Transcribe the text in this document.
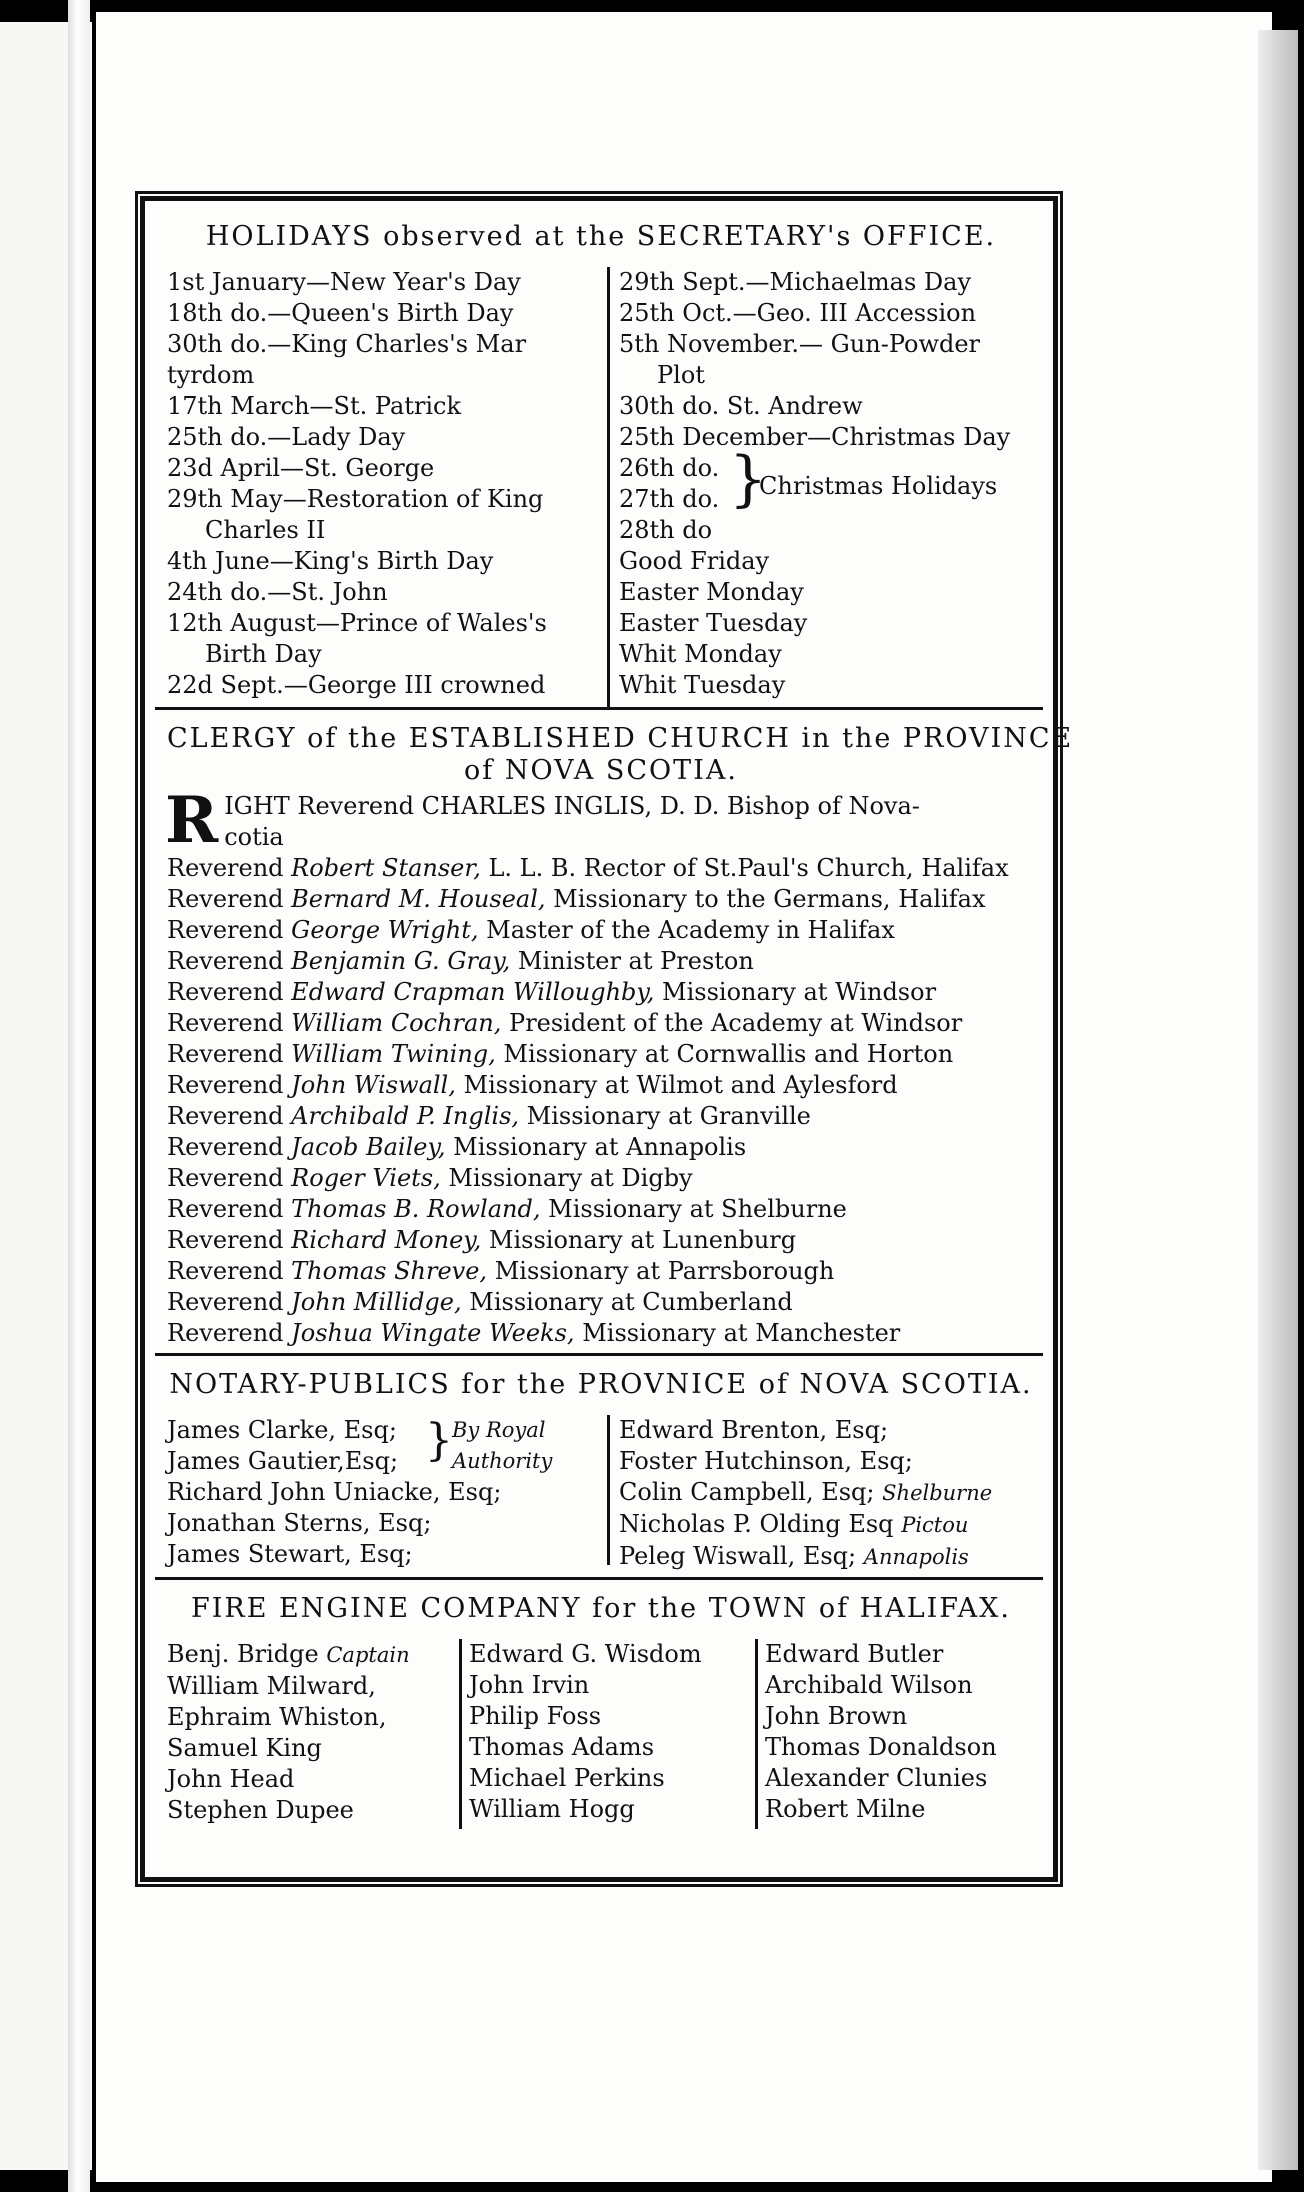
HOLIDAYS observed at the SECRETARY's OFFICE.
1st January—New Year's Day
18th do.—Queen's Birth Day
30th do.—King Charles's Mar
tyrdom
17th March—St. Patrick
25th do.—Lady Day
23d April—St. George
29th May—Restoration of King
Charles II
4th June—King's Birth Day
24th do.—St. John
12th August—Prince of Wales's
Birth Day
22d Sept.—George III crowned
29th Sept.—Michaelmas Day
25th Oct.—Geo. III Accession
5th November.— Gun-Powder
Plot
30th do. St. Andrew
25th December—Christmas Day
26th do.
27th do.
28th do
Good Friday
Easter Monday
Easter Tuesday
Whit Monday
Whit Tuesday
}
Christmas Holidays
CLERGY of the ESTABLISHED CHURCH in the PROVINCE
of NOVA SCOTIA.
R IGHT Reverend CHARLES INGLIS, D. D. Bishop of Nova-
cotia
Reverend Robert Stanser, L. L. B. Rector of St.Paul's Church, Halifax
Reverend Bernard M. Houseal, Missionary to the Germans, Halifax
Reverend George Wright, Master of the Academy in Halifax
Reverend Benjamin G. Gray, Minister at Preston
Reverend Edward Crapman Willoughby, Missionary at Windsor
Reverend William Cochran, President of the Academy at Windsor
Reverend William Twining, Missionary at Cornwallis and Horton
Reverend John Wiswall, Missionary at Wilmot and Aylesford
Reverend Archibald P. Inglis, Missionary at Granville
Reverend Jacob Bailey, Missionary at Annapolis
Reverend Roger Viets, Missionary at Digby
Reverend Thomas B. Rowland, Missionary at Shelburne
Reverend Richard Money, Missionary at Lunenburg
Reverend Thomas Shreve, Missionary at Parrsborough
Reverend John Millidge, Missionary at Cumberland
Reverend Joshua Wingate Weeks, Missionary at Manchester
NOTARY-PUBLICS for the PROVNICE of NOVA SCOTIA.
James Clarke, Esq;
James Gautier,Esq;
Richard John Uniacke, Esq;
Jonathan Sterns, Esq;
James Stewart, Esq;
} By Royal
Authority
Edward Brenton, Esq;
Foster Hutchinson, Esq;
Colin Campbell, Esq; Shelburne
Nicholas P. Olding Esq Pictou
Peleg Wiswall, Esq; Annapolis
FIRE ENGINE COMPANY for the TOWN of HALIFAX.
Benj. Bridge Captain
William Milward,
Ephraim Whiston,
Samuel King
John Head
Stephen Dupee
Edward G. Wisdom
John Irvin
Philip Foss
Thomas Adams
Michael Perkins
William Hogg
Edward Butler
Archibald Wilson
John Brown
Thomas Donaldson
Alexander Clunies
Robert Milne
